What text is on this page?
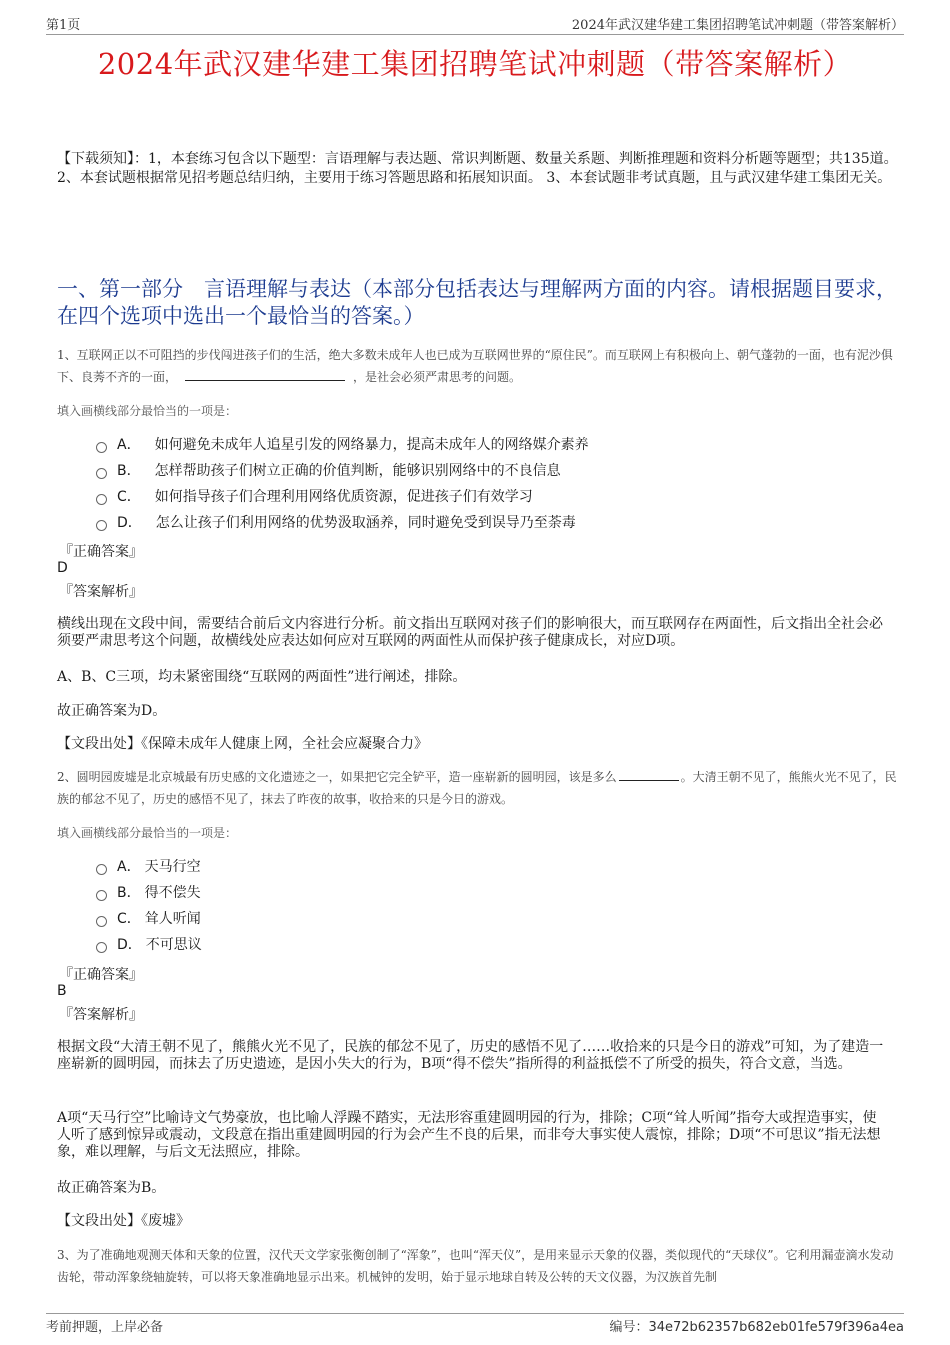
第1页	2024年武汉建华建工集团招聘笔试冲刺题（带答案解析）
2024年武汉建华建工集团招聘笔试冲刺题（带答案解析）
【下载须知】：1，本套练习包含以下题型：言语理解与表达题、常识判断题、数量关系题、判断推理题和资料分析题等题型；共135道。 2、本套试题根据常见招考题总结归纳，主要用于练习答题思路和拓展知识面。 3、本套试题非考试真题，且与武汉建华建工集团无关。
一、第一部分　言语理解与表达（本部分包括表达与理解两方面的内容。请根据题目要求，在四个选项中选出一个最恰当的答案。）
1、互联网正以不可阻挡的步伐闯进孩子们的生活，绝大多数未成年人也已成为互联网世界的“原住民”。而互联网上有积极向上、朝气蓬勃的一面，也有泥沙俱下、良莠不齐的一面，	，是社会必须严肃思考的问题。
填入画横线部分最恰当的一项是：
A． 如何避免未成年人追星引发的网络暴力，提高未成年人的网络媒介素养
B． 怎样帮助孩子们树立正确的价值判断，能够识别网络中的不良信息
C． 如何指导孩子们合理利用网络优质资源，促进孩子们有效学习
D． 怎么让孩子们利用网络的优势汲取涵养，同时避免受到误导乃至荼毒
『正确答案』
D
『答案解析』
横线出现在文段中间，需要结合前后文内容进行分析。前文指出互联网对孩子们的影响很大，而互联网存在两面性，后文指出全社会必须要严肃思考这个问题，故横线处应表达如何应对互联网的两面性从而保护孩子健康成长，对应D项。
A、B、C三项，均未紧密围绕“互联网的两面性”进行阐述，排除。
故正确答案为D。
【文段出处】《保障未成年人健康上网，全社会应凝聚合力》
2、圆明园废墟是北京城最有历史感的文化遗迹之一，如果把它完全铲平，造一座崭新的圆明园，该是多么	。大清王朝不见了，熊熊火光不见了，民族的郁忿不见了，历史的感悟不见了，抹去了昨夜的故事，收拾来的只是今日的游戏。
填入画横线部分最恰当的一项是：
A． 天马行空
B． 得不偿失
C． 耸人听闻
D． 不可思议
『正确答案』
B
『答案解析』
根据文段“大清王朝不见了，熊熊火光不见了，民族的郁忿不见了，历史的感悟不见了……收拾来的只是今日的游戏”可知，为了建造一座崭新的圆明园，而抹去了历史遗迹，是因小失大的行为，B项“得不偿失”指所得的利益抵偿不了所受的损失，符合文意，当选。
A项“天马行空”比喻诗文气势豪放，也比喻人浮躁不踏实，无法形容重建圆明园的行为，排除；C项“耸人听闻”指夸大或捏造事实，使人听了感到惊异或震动，文段意在指出重建圆明园的行为会产生不良的后果，而非夸大事实使人震惊，排除；D项“不可思议”指无法想象，难以理解，与后文无法照应，排除。
故正确答案为B。
【文段出处】《废墟》
3、为了准确地观测天体和天象的位置，汉代天文学家张衡创制了“浑象”，也叫“浑天仪”，是用来显示天象的仪器，类似现代的“天球仪”。它利用漏壶滴水发动齿轮，带动浑象绕轴旋转，可以将天象准确地显示出来。机械钟的发明，始于显示地球自转及公转的天文仪器，为汉族首先制
考前押题，上岸必备	编号：34e72b62357b682eb01fe579f396a4ea
